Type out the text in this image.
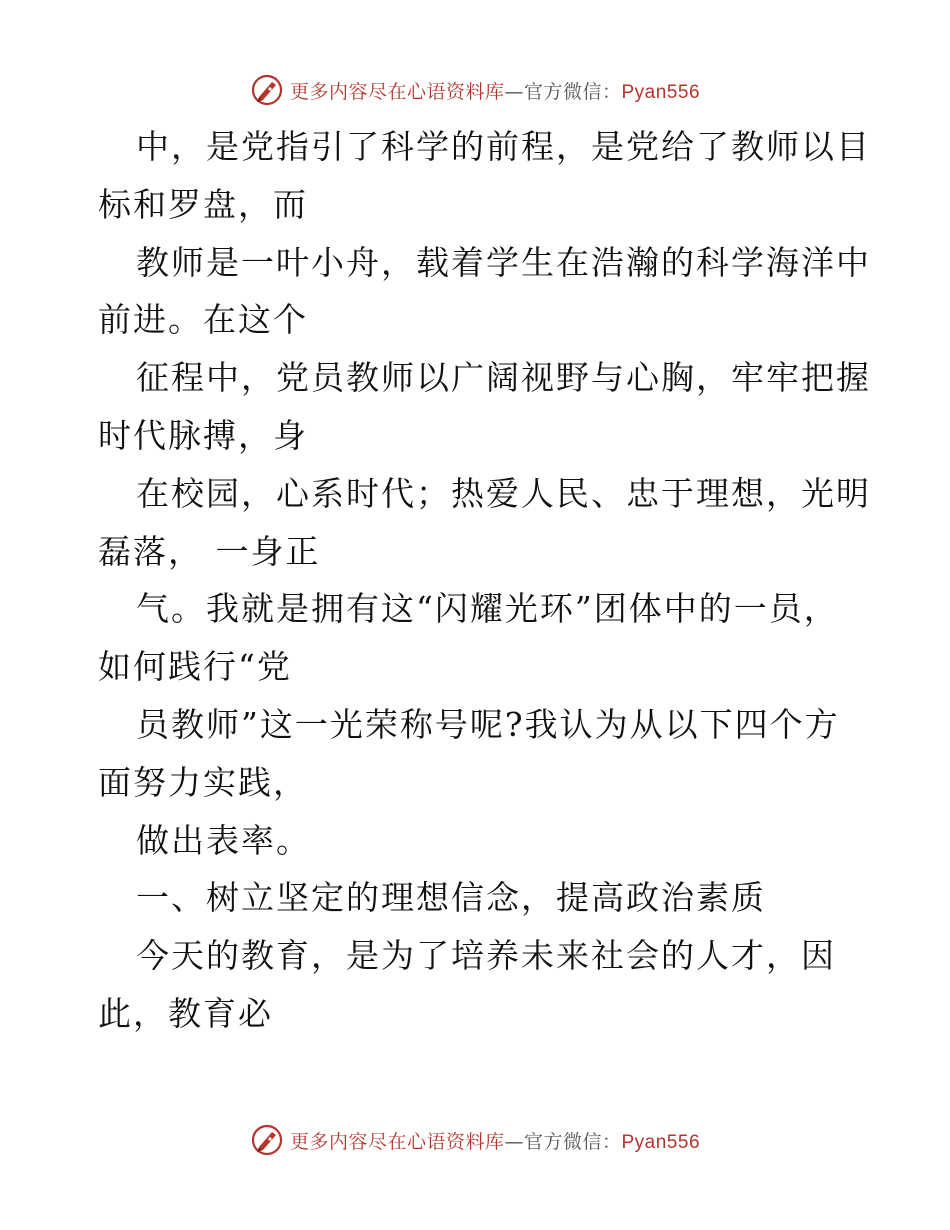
更多内容尽在心语资料库—官方微信：Pyan556
中，是党指引了科学的前程，是党给了教师以目
标和罗盘，而
教师是一叶小舟，载着学生在浩瀚的科学海洋中
前进。在这个
征程中，党员教师以广阔视野与心胸，牢牢把握
时代脉搏，身
在校园，心系时代；热爱人民、忠于理想，光明
磊落， 一身正
气。我就是拥有这“闪耀光环”团体中的一员，
如何践行“党
员教师”这一光荣称号呢?我认为从以下四个方
面努力实践，
做出表率。
一、树立坚定的理想信念，提高政治素质
今天的教育，是为了培养未来社会的人才，因
此，教育必
更多内容尽在心语资料库—官方微信：Pyan556
